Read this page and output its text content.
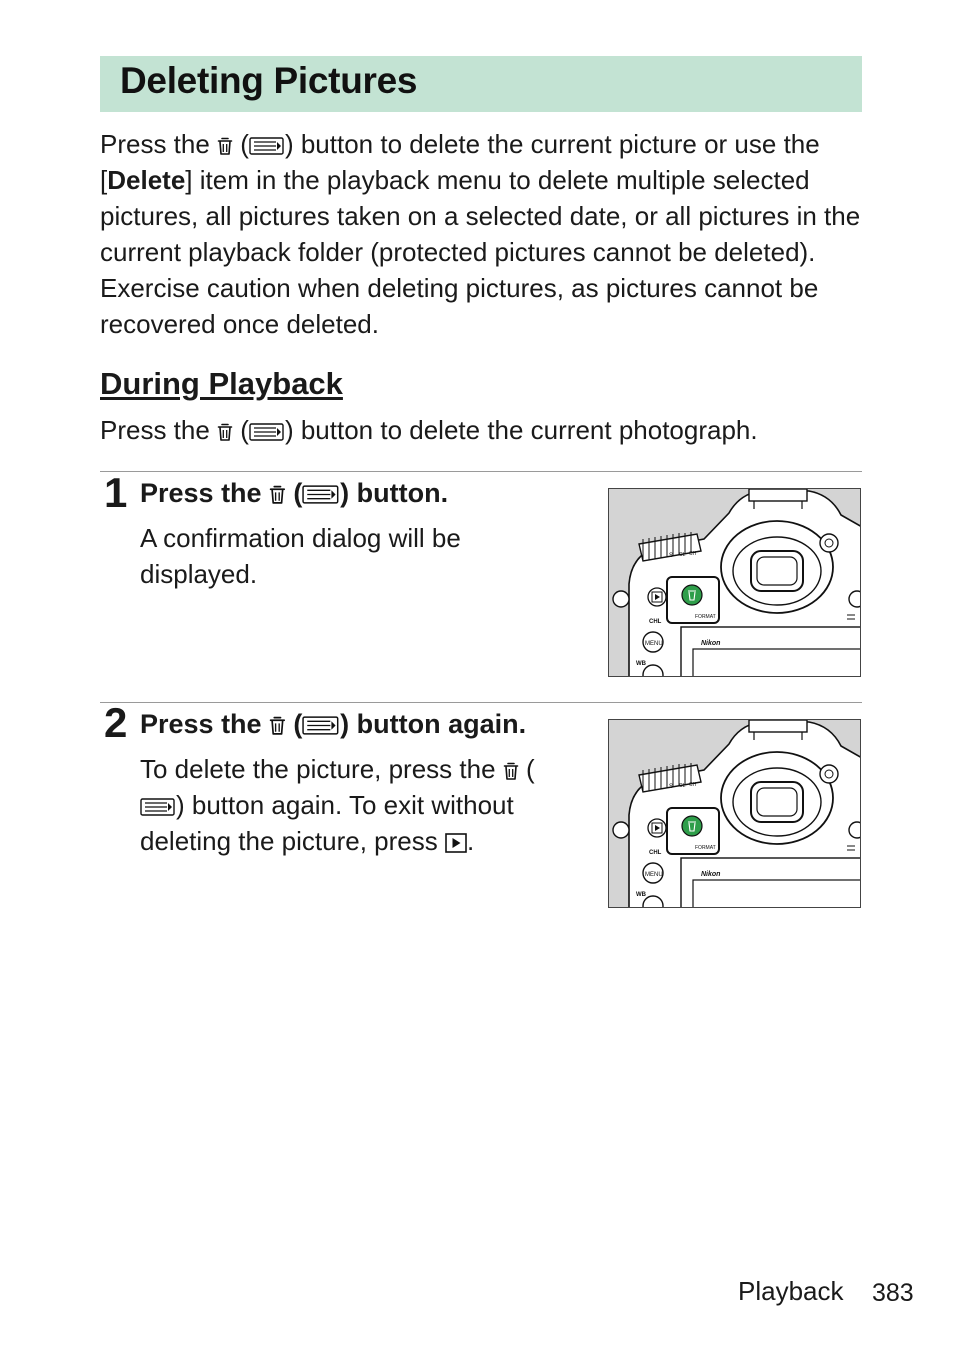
Deleting Pictures

Press the
( ) button to delete the current picture or use the [Delete] item in the playback menu to delete multiple selected pictures, all pictures taken on a selected date, or all pictures in the current playback folder (protected pictures cannot be deleted). Exercise caution when deleting pictures, as pictures cannot be recovered once deleted.

During Playback

Press the
( ) button to delete the current photograph.

1 Press the
( ) button.

A confirmation dialog will be displayed.

S CL CH
FORMAT
CHL
Nikon
MENU
WB
2 Press the
( ) button again.

To delete the picture, press the
(
) button again. To exit without deleting the picture, press
.

S CL CH
FORMAT
CHL
Nikon
MENU
WB
Playback 383
